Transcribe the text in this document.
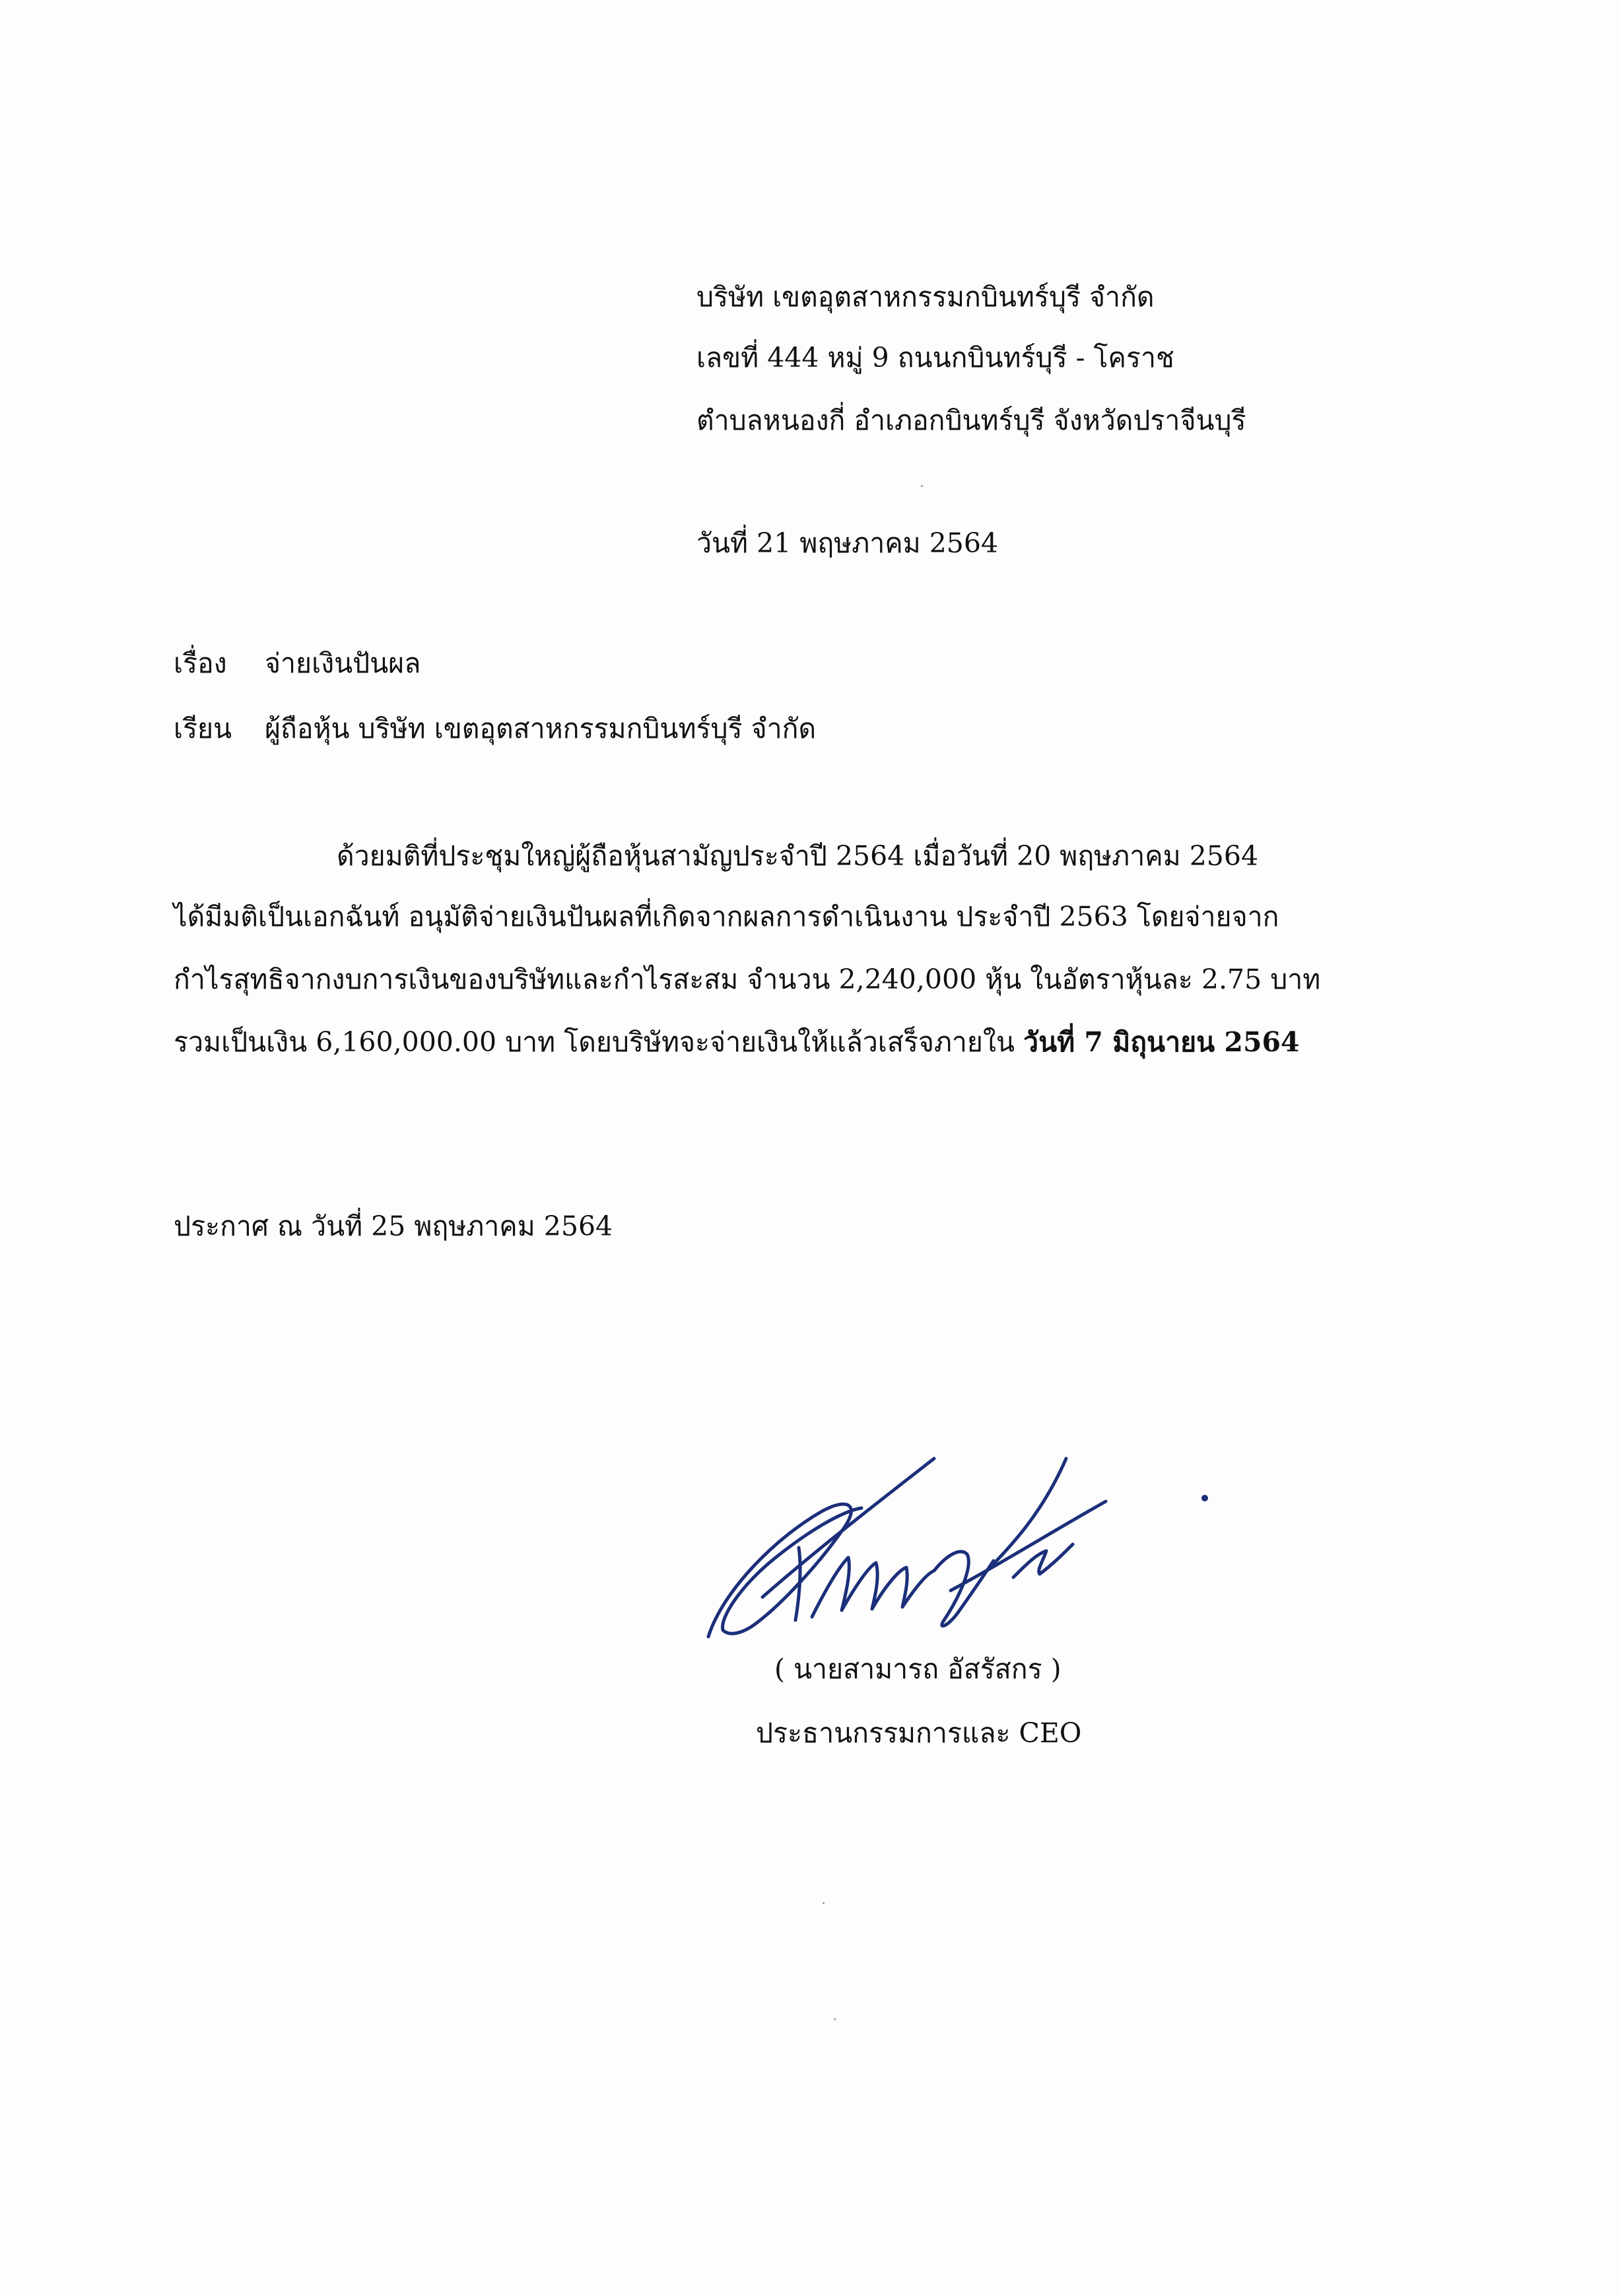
บริษัท เขตอุตสาหกรรมกบินทร์บุรี จำกัด
เลขที่ 444 หมู่ 9 ถนนกบินทร์บุรี - โคราช
ตำบลหนองกี่ อำเภอกบินทร์บุรี จังหวัดปราจีนบุรี
วันที่ 21 พฤษภาคม 2564
เรื่อง จ่ายเงินปันผล
เรียน ผู้ถือหุ้น บริษัท เขตอุตสาหกรรมกบินทร์บุรี จำกัด
ด้วยมติที่ประชุมใหญ่ผู้ถือหุ้นสามัญประจำปี 2564 เมื่อวันที่ 20 พฤษภาคม 2564
ได้มีมติเป็นเอกฉันท์ อนุมัติจ่ายเงินปันผลที่เกิดจากผลการดำเนินงาน ประจำปี 2563 โดยจ่ายจาก
กำไรสุทธิจากงบการเงินของบริษัทและกำไรสะสม จำนวน 2,240,000 หุ้น ในอัตราหุ้นละ 2.75 บาท
รวมเป็นเงิน 6,160,000.00 บาท โดยบริษัทจะจ่ายเงินให้แล้วเสร็จภายใน วันที่ 7 มิถุนายน 2564
ประกาศ ณ วันที่ 25 พฤษภาคม 2564
( นายสามารถ อัสรัสกร )
ประธานกรรมการและ CEO
